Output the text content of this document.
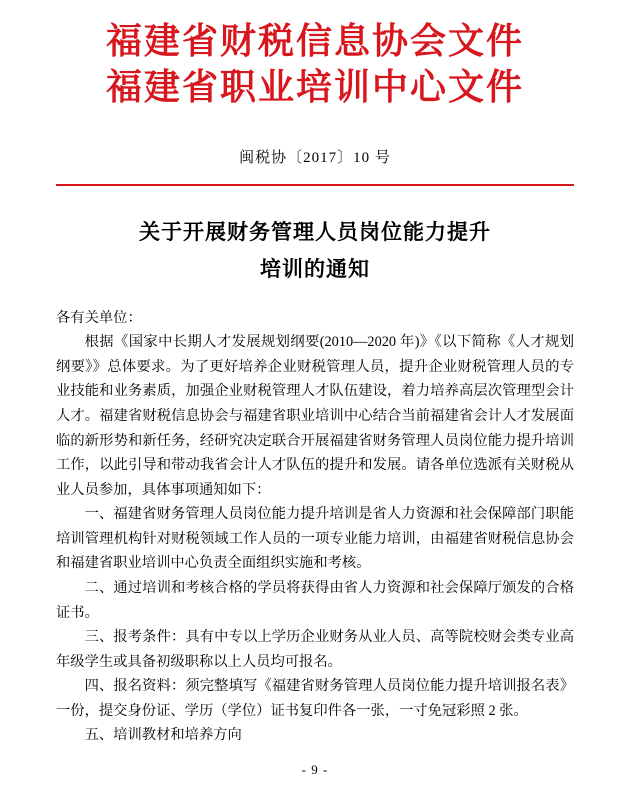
福建省财税信息协会文件
福建省职业培训中心文件
闽税协〔2017〕10 号
关于开展财务管理人员岗位能力提升
培训的通知

各有关单位：

根据《国家中长期人才发展规划纲要(2010—2020 年)》《以下简称《人才规划纲要》》总体要求。为了更好培养企业财税管理人员，提升企业财税管理人员的专业技能和业务素质，加强企业财税管理人才队伍建设，着力培养高层次管理型会计人才。福建省财税信息协会与福建省职业培训中心结合当前福建省会计人才发展面临的新形势和新任务，经研究决定联合开展福建省财务管理人员岗位能力提升培训工作，以此引导和带动我省会计人才队伍的提升和发展。请各单位选派有关财税从业人员参加，具体事项通知如下：

一、福建省财务管理人员岗位能力提升培训是省人力资源和社会保障部门职能培训管理机构针对财税领域工作人员的一项专业能力培训，由福建省财税信息协会和福建省职业培训中心负责全面组织实施和考核。

二、通过培训和考核合格的学员将获得由省人力资源和社会保障厅颁发的合格证书。

三、报考条件：具有中专以上学历企业财务从业人员、高等院校财会类专业高年级学生或具备初级职称以上人员均可报名。

四、报名资料：须完整填写《福建省财务管理人员岗位能力提升培训报名表》一份，提交身份证、学历（学位）证书复印件各一张，一寸免冠彩照 2 张。

五、培训教材和培养方向

- 9 -
